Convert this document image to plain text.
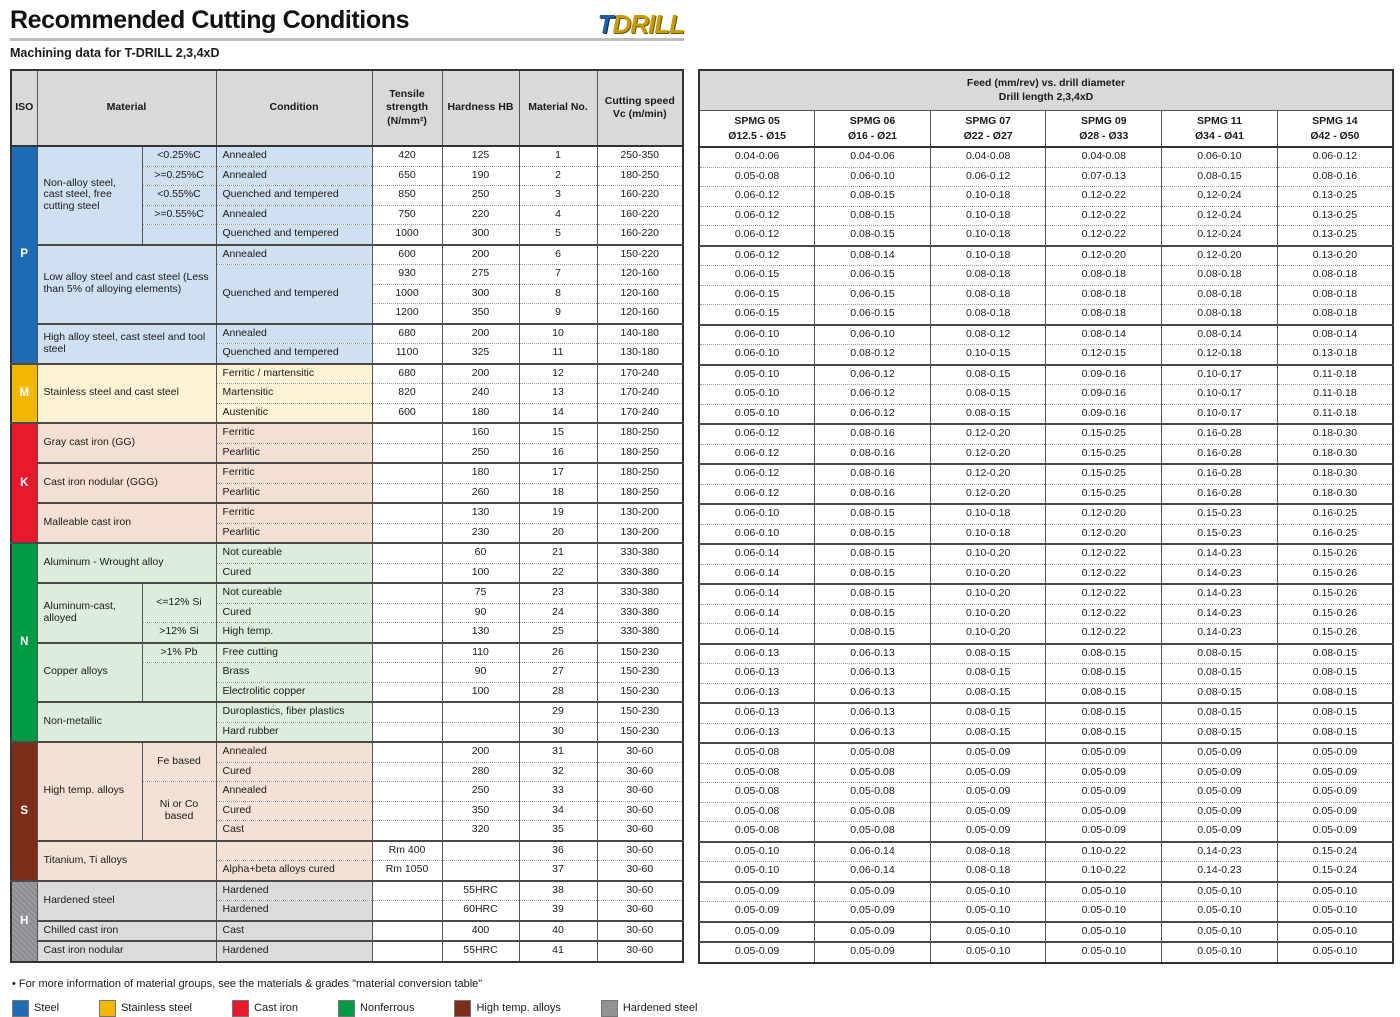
Recommended Cutting Conditions	TDRILL
Machining data for T-DRILL 2,3,4xD
ISO	Material		Condition	Tensile strength (N/mm²)	Hardness HB	Material No.	Cutting speed Vc (m/min)
P	Non-alloy steel, cast steel, free cutting steel	<0.25%C	Annealed	420	125	1	250-350
		>=0.25%C	Annealed	650	190	2	180-250
		<0.55%C	Quenched and tempered	850	250	3	160-220
		>=0.55%C	Annealed	750	220	4	160-220
			Quenched and tempered	1000	300	5	160-220
	Low alloy steel and cast steel (Less than 5% of alloying elements)		Annealed	600	200	6	150-220
			Quenched and tempered	930	275	7	120-160
				1000	300	8	120-160
				1200	350	9	120-160
	High alloy steel, cast steel and tool steel		Annealed	680	200	10	140-180
			Quenched and tempered	1100	325	11	130-180
M	Stainless steel and cast steel		Ferritic / martensitic	680	200	12	170-240
			Martensitic	820	240	13	170-240
			Austenitic	600	180	14	170-240
K	Gray cast iron (GG)		Ferritic		160	15	180-250
			Pearlitic		250	16	180-250
	Cast iron nodular (GGG)		Ferritic		180	17	180-250
			Pearlitic		260	18	180-250
	Malleable cast iron		Ferritic		130	19	130-200
			Pearlitic		230	20	130-200
N	Aluminum - Wrought alloy		Not cureable		60	21	330-380
			Cured		100	22	330-380
	Aluminum-cast, alloyed	<=12% Si	Not cureable		75	23	330-380
			Cured		90	24	330-380
		>12% Si	High temp.		130	25	330-380
	Copper alloys	>1% Pb	Free cutting		110	26	150-230
			Brass		90	27	150-230
			Electrolitic copper		100	28	150-230
	Non-metallic		Duroplastics, fiber plastics			29	150-230
			Hard rubber			30	150-230
S	High temp. alloys	Fe based	Annealed		200	31	30-60
			Cured		280	32	30-60
		Ni or Co based	Annealed		250	33	30-60
			Cured		350	34	30-60
			Cast		320	35	30-60
	Titanium, Ti alloys			Rm 400		36	30-60
			Alpha+beta alloys cured	Rm 1050		37	30-60
H	Hardened steel		Hardened		55HRC	38	30-60
			Hardened		60HRC	39	30-60
	Chilled cast iron		Cast		400	40	30-60
	Cast iron nodular		Hardened		55HRC	41	30-60
Feed (mm/rev) vs. drill diameter
Drill length 2,3,4xD					

SPMG 05
Ø12.5 - Ø15

SPMG 06
Ø16 - Ø21

SPMG 07
Ø22 - Ø27

SPMG 09
Ø28 - Ø33

SPMG 11
Ø34 - Ø41

SPMG 14
Ø42 - Ø50

0.04-0.06	0.04-0.06	0.04-0.08	0.04-0.08	0.06-0.10	0.06-0.12
0.05-0.08	0.06-0.10	0.06-0.12	0.07-0.13	0.08-0.15	0.08-0.16
0.06-0.12	0.08-0.15	0.10-0.18	0.12-0.22	0.12-0.24	0.13-0.25
0.06-0.12	0.08-0.15	0.10-0.18	0.12-0.22	0.12-0.24	0.13-0.25
0.06-0.12	0.08-0.15	0.10-0.18	0.12-0.22	0.12-0.24	0.13-0.25
0.06-0.12	0.08-0.14	0.10-0.18	0.12-0.20	0.12-0.20	0.13-0.20
0.06-0.15	0.06-0.15	0.08-0.18	0.08-0.18	0.08-0.18	0.08-0.18
0.06-0.15	0.06-0.15	0.08-0.18	0.08-0.18	0.08-0.18	0.08-0.18
0.06-0.15	0.06-0.15	0.08-0.18	0.08-0.18	0.08-0.18	0.08-0.18
0.06-0.10	0.06-0.10	0.08-0.12	0.08-0.14	0.08-0.14	0.08-0.14
0.06-0.10	0.08-0.12	0.10-0.15	0.12-0.15	0.12-0.18	0.13-0.18
0.05-0.10	0.06-0.12	0.08-0.15	0.09-0.16	0.10-0.17	0.11-0.18
0.05-0.10	0.06-0.12	0.08-0.15	0.09-0.16	0.10-0.17	0.11-0.18
0.05-0.10	0.06-0.12	0.08-0.15	0.09-0.16	0.10-0.17	0.11-0.18
0.06-0.12	0.08-0.16	0.12-0.20	0.15-0.25	0.16-0.28	0.18-0.30
0.06-0.12	0.08-0.16	0.12-0.20	0.15-0.25	0.16-0.28	0.18-0.30
0.06-0.12	0.08-0.16	0.12-0.20	0.15-0.25	0.16-0.28	0.18-0.30
0.06-0.12	0.08-0.16	0.12-0.20	0.15-0.25	0.16-0.28	0.18-0.30
0.06-0.10	0.08-0.15	0.10-0.18	0.12-0.20	0.15-0.23	0.16-0.25
0.06-0.10	0.08-0.15	0.10-0.18	0.12-0.20	0.15-0.23	0.16-0.25
0.06-0.14	0.08-0.15	0.10-0.20	0.12-0.22	0.14-0.23	0.15-0.26
0.06-0.14	0.08-0.15	0.10-0.20	0.12-0.22	0.14-0.23	0.15-0.26
0.06-0.14	0.08-0.15	0.10-0.20	0.12-0.22	0.14-0.23	0.15-0.26
0.06-0.14	0.08-0.15	0.10-0.20	0.12-0.22	0.14-0.23	0.15-0.26
0.06-0.14	0.08-0.15	0.10-0.20	0.12-0.22	0.14-0.23	0.15-0.26
0.06-0.13	0.06-0.13	0.08-0.15	0.08-0.15	0.08-0.15	0.08-0.15
0.06-0.13	0.06-0.13	0.08-0.15	0.08-0.15	0.08-0.15	0.08-0.15
0.06-0.13	0.06-0.13	0.08-0.15	0.08-0.15	0.08-0.15	0.08-0.15
0.06-0.13	0.06-0.13	0.08-0.15	0.08-0.15	0.08-0.15	0.08-0.15
0.06-0.13	0.06-0.13	0.08-0.15	0.08-0.15	0.08-0.15	0.08-0.15
0.05-0.08	0.05-0.08	0.05-0.09	0.05-0.09	0.05-0.09	0.05-0.09
0.05-0.08	0.05-0.08	0.05-0.09	0.05-0.09	0.05-0.09	0.05-0.09
0.05-0.08	0.05-0.08	0.05-0.09	0.05-0.09	0.05-0.09	0.05-0.09
0.05-0.08	0.05-0.08	0.05-0.09	0.05-0.09	0.05-0.09	0.05-0.09
0.05-0.08	0.05-0.08	0.05-0.09	0.05-0.09	0.05-0.09	0.05-0.09
0.05-0.10	0.06-0.14	0.08-0.18	0.10-0.22	0.14-0.23	0.15-0.24
0.05-0.10	0.06-0.14	0.08-0.18	0.10-0.22	0.14-0.23	0.15-0.24
0.05-0.09	0.05-0.09	0.05-0.10	0.05-0.10	0.05-0.10	0.05-0.10
0.05-0.09	0.05-0.09	0.05-0.10	0.05-0.10	0.05-0.10	0.05-0.10
0.05-0.09	0.05-0.09	0.05-0.10	0.05-0.10	0.05-0.10	0.05-0.10
0.05-0.09	0.05-0.09	0.05-0.10	0.05-0.10	0.05-0.10	0.05-0.10
• For more information of material groups, see the materials & grades "material conversion table"
Steel	Stainless steel	Cast iron	Nonferrous	High temp. alloys	Hardened steel
